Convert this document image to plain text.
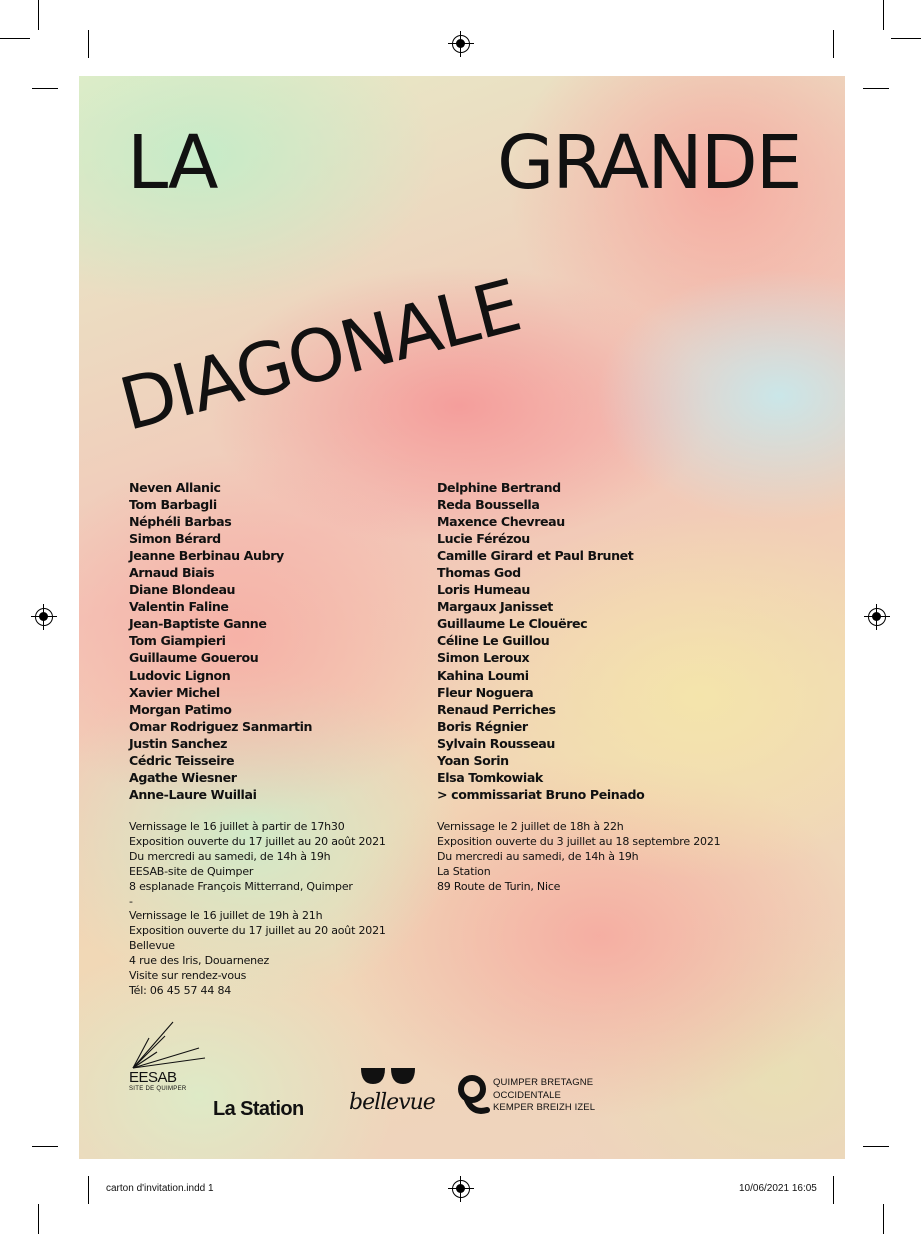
LA	GRANDE
DIAGONALE
Neven Allanic
Tom Barbagli
Néphéli Barbas
Simon Bérard
Jeanne Berbinau Aubry
Arnaud Biais
Diane Blondeau
Valentin Faline
Jean-Baptiste Ganne
Tom Giampieri
Guillaume Gouerou
Ludovic Lignon
Xavier Michel
Morgan Patimo
Omar Rodriguez Sanmartin
Justin Sanchez
Cédric Teisseire
Agathe Wiesner
Anne-Laure Wuillai
Delphine Bertrand
Reda Boussella
Maxence Chevreau
Lucie Férézou
Camille Girard et Paul Brunet
Thomas God
Loris Humeau
Margaux Janisset
Guillaume Le Clouërec
Céline Le Guillou
Simon Leroux
Kahina Loumi
Fleur Noguera
Renaud Perriches
Boris Régnier
Sylvain Rousseau
Yoan Sorin
Elsa Tomkowiak
> commissariat Bruno Peinado
Vernissage le 16 juillet à partir de 17h30
Exposition ouverte du 17 juillet au 20 août 2021
Du mercredi au samedi, de 14h à 19h
EESAB-site de Quimper
8 esplanade François Mitterrand, Quimper
-
Vernissage le 16 juillet de 19h à 21h
Exposition ouverte du 17 juillet au 20 août 2021
Bellevue
4 rue des Iris, Douarnenez
Visite sur rendez-vous
Tél: 06 45 57 44 84
Vernissage le 2 juillet de 18h à 22h
Exposition ouverte du 3 juillet au 18 septembre 2021
Du mercredi au samedi, de 14h à 19h
La Station
89 Route de Turin, Nice
EESAB
SITE DE QUIMPER
La Station bellevue
QUIMPER BRETAGNE
OCCIDENTALE
KEMPER BREIZH IZEL
carton d'invitation.indd 1	10/06/2021 16:05
